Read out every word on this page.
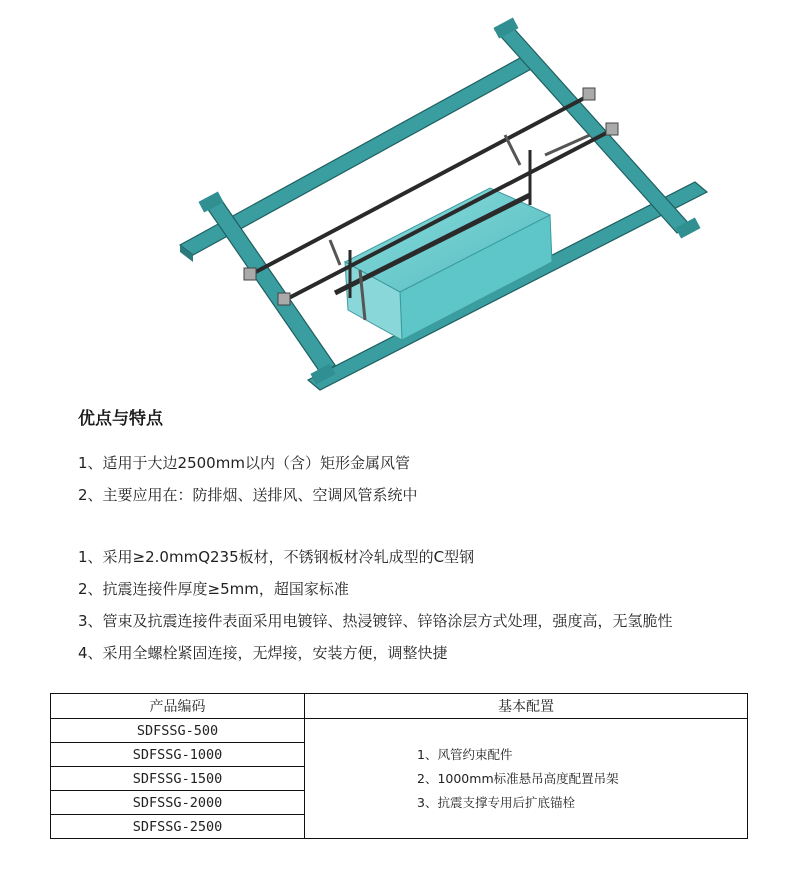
优点与特点
1、适用于大边2500mm以内（含）矩形金属风管
2、主要应用在：防排烟、送排风、空调风管系统中
1、采用≥2.0mmQ235板材，不锈钢板材冷轧成型的C型钢
2、抗震连接件厚度≥5mm，超国家标准
3、管束及抗震连接件表面采用电镀锌、热浸镀锌、锌铬涂层方式处理，强度高，无氢脆性
4、采用全螺栓紧固连接，无焊接，安装方便，调整快捷
产品编码	基本配置
SDFSSG-500	1、风管约束配件
2、1000mm标准悬吊高度配置吊架
3、抗震支撑专用后扩底锚栓

SDFSSG-1000	
SDFSSG-1500	
SDFSSG-2000	
SDFSSG-2500	
